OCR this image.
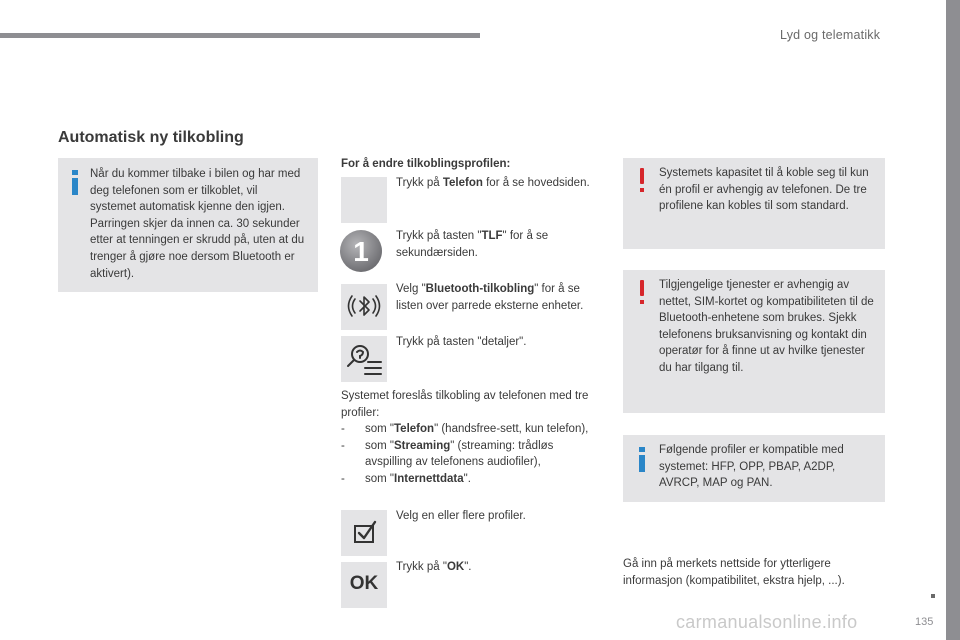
Lyd og telematikk
Automatisk ny tilkobling

Når du kommer tilbake i bilen og har med deg telefonen som er tilkoblet, vil systemet automatisk kjenne den igjen. Parringen skjer da innen ca. 30 sekunder etter at tenningen er skrudd på, uten at du trenger å gjøre noe dersom Bluetooth er aktivert).

For å endre tilkoblingsprofilen:

Trykk på Telefon for å se hovedsiden.

1 Trykk på tasten "TLF" for å se sekundærsiden.

Velg "Bluetooth-tilkobling" for å se listen over parrede eksterne enheter.

Trykk på tasten "detaljer".

Systemet foreslås tilkobling av telefonen med tre profiler:

- som "Telefon" (handsfree-sett, kun telefon),

- som "Streaming" (streaming: trådløs avspilling av telefonens audiofiler),

- som "Internettdata".

Velg en eller flere profiler.

OK

Trykk på "OK".

Systemets kapasitet til å koble seg til kun én profil er avhengig av telefonen. De tre profilene kan kobles til som standard.

Tilgjengelige tjenester er avhengig av nettet, SIM-kortet og kompatibiliteten til de Bluetooth-enhetene som brukes. Sjekk telefonens bruksanvisning og kontakt din operatør for å finne ut av hvilke tjenester du har tilgang til.

Følgende profiler er kompatible med systemet: HFP, OPP, PBAP, A2DP, AVRCP, MAP og PAN.

Gå inn på merkets nettside for ytterligere informasjon (kompatibilitet, ekstra hjelp, ...).

135
carmanualsonline.info
